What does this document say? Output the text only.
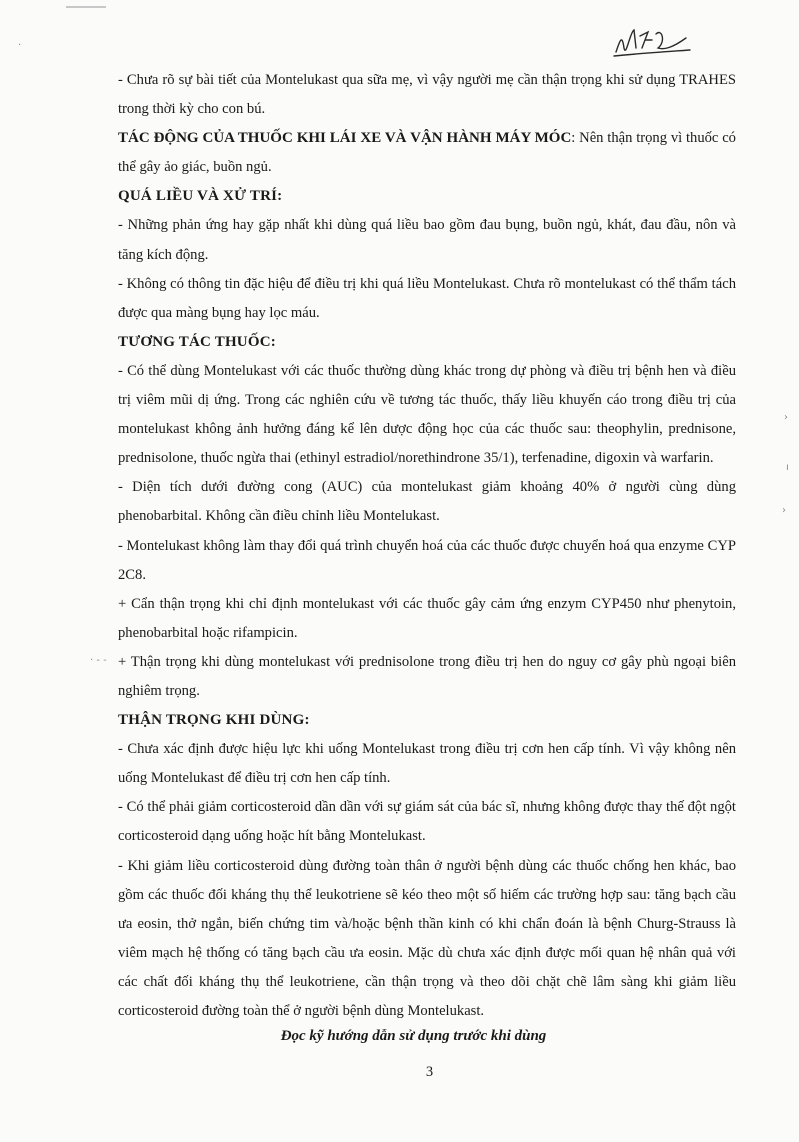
- Chưa rõ sự bài tiết của Montelukast qua sữa mẹ, vì vậy người mẹ cần thận trọng khi sử dụng TRAHES trong thời kỳ cho con bú.

TÁC ĐỘNG CỦA THUỐC KHI LÁI XE VÀ VẬN HÀNH MÁY MÓC: Nên thận trọng vì thuốc có thể gây ảo giác, buồn ngủ.

QUÁ LIỀU VÀ XỬ TRÍ:

- Những phản ứng hay gặp nhất khi dùng quá liều bao gồm đau bụng, buồn ngủ, khát, đau đầu, nôn và tăng kích động.

- Không có thông tin đặc hiệu để điều trị khi quá liều Montelukast. Chưa rõ montelukast có thể thẩm tách được qua màng bụng hay lọc máu.

TƯƠNG TÁC THUỐC:

- Có thể dùng Montelukast với các thuốc thường dùng khác trong dự phòng và điều trị bệnh hen và điều trị viêm mũi dị ứng. Trong các nghiên cứu về tương tác thuốc, thấy liều khuyến cáo trong điều trị của montelukast không ảnh hưởng đáng kể lên dược động học của các thuốc sau: theophylin, prednisone, prednisolone, thuốc ngừa thai (ethinyl estradiol/norethindrone 35/1), terfenadine, digoxin và warfarin.

- Diện tích dưới đường cong (AUC) của montelukast giảm khoảng 40% ở người cùng dùng phenobarbital. Không cần điều chỉnh liều Montelukast.

- Montelukast không làm thay đổi quá trình chuyển hoá của các thuốc được chuyển hoá qua enzyme CYP 2C8.

+ Cẩn thận trọng khi chỉ định montelukast với các thuốc gây cảm ứng enzym CYP450 như phenytoin, phenobarbital hoặc rifampicin.

+ Thận trọng khi dùng montelukast với prednisolone trong điều trị hen do nguy cơ gây phù ngoại biên nghiêm trọng.

THẬN TRỌNG KHI DÙNG:

- Chưa xác định được hiệu lực khi uống Montelukast trong điều trị cơn hen cấp tính. Vì vậy không nên uống Montelukast để điều trị cơn hen cấp tính.

- Có thể phải giảm corticosteroid dần dần với sự giám sát của bác sĩ, nhưng không được thay thế đột ngột corticosteroid dạng uống hoặc hít bằng Montelukast.

- Khi giảm liều corticosteroid dùng đường toàn thân ở người bệnh dùng các thuốc chống hen khác, bao gồm các thuốc đối kháng thụ thể leukotriene sẽ kéo theo một số hiếm các trường hợp sau: tăng bạch cầu ưa eosin, thở ngắn, biến chứng tim và/hoặc bệnh thần kinh có khi chẩn đoán là bệnh Churg-Strauss là viêm mạch hệ thống có tăng bạch cầu ưa eosin. Mặc dù chưa xác định được mối quan hệ nhân quả với các chất đối kháng thụ thể leukotriene, cần thận trọng và theo dõi chặt chẽ lâm sàng khi giảm liều corticosteroid đường toàn thể ở người bệnh dùng Montelukast.

Đọc kỹ hướng dẫn sử dụng trước khi dùng
3
·
· - -
›
ı
›
